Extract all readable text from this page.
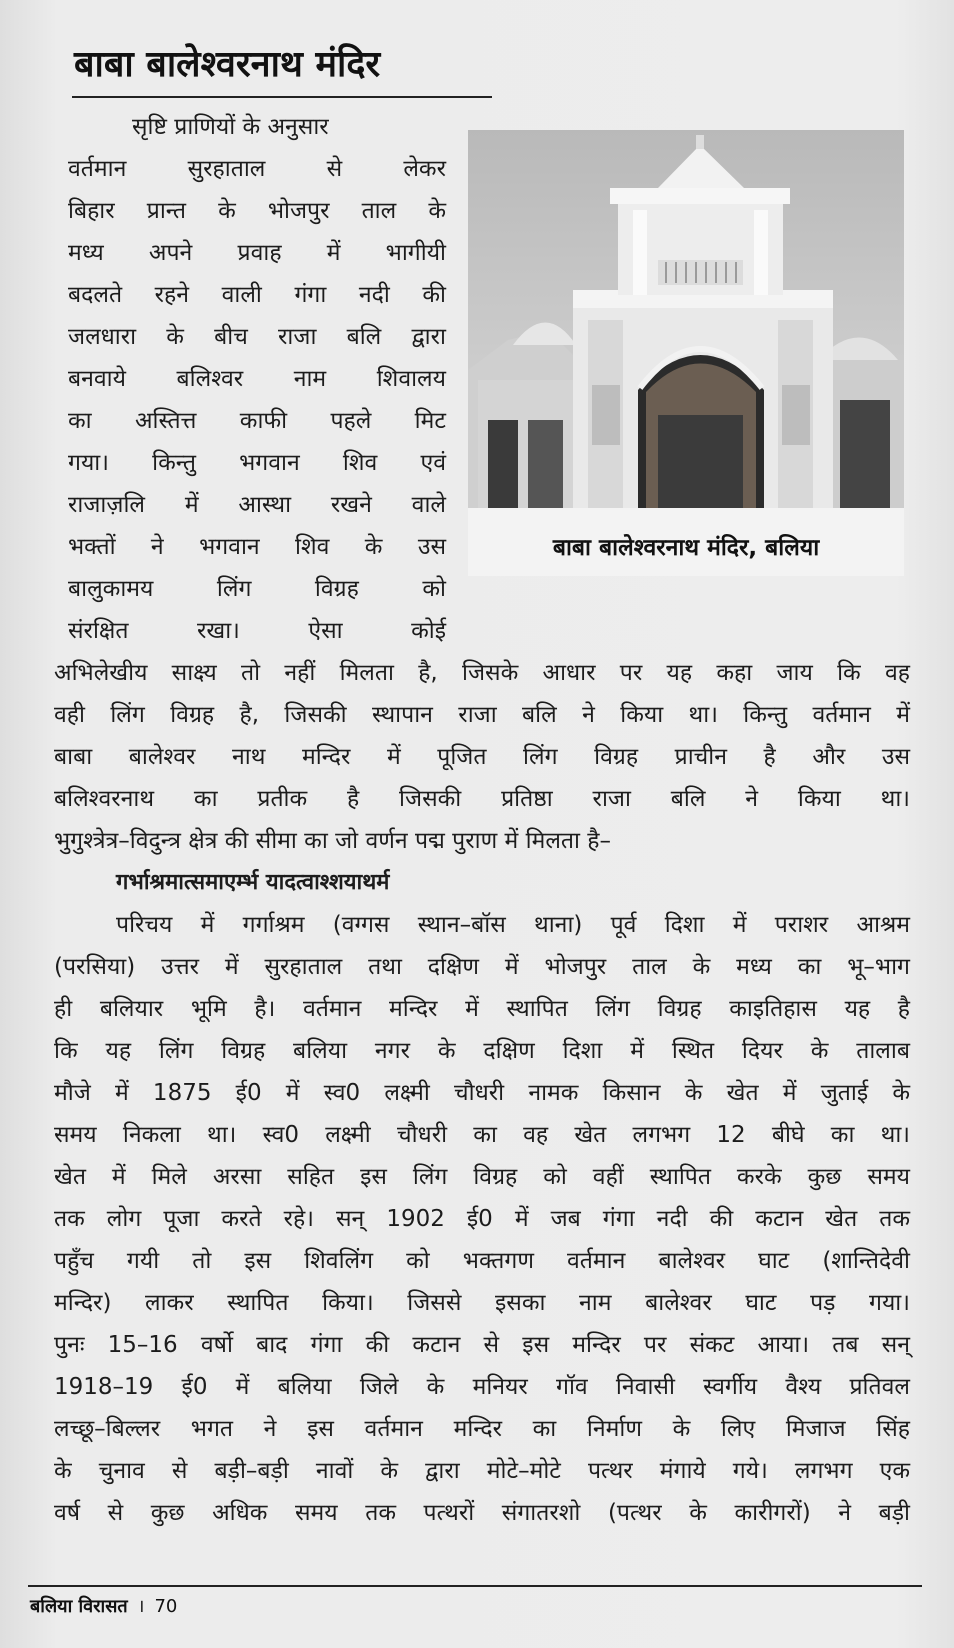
बाबा बालेश्वरनाथ मंदिर
बाबा बालेश्वरनाथ मंदिर, बलिया
सृष्टि प्राणियों के अनुसार
वर्तमान सुरहाताल से लेकर
बिहार प्रान्त के भोजपुर ताल के
मध्य अपने प्रवाह में भागीयी
बदलते रहने वाली गंगा नदी की
जलधारा के बीच राजा बलि द्वारा
बनवाये बलिश्वर नाम शिवालय
का अस्तित्त काफी पहले मिट
गया। किन्तु भगवान शिव एवं
राजाज़लि में आस्था रखने वाले
भक्तों ने भगवान शिव के उस
बालुकामय लिंग विग्रह को
संरक्षित रखा। ऐसा कोई
अभिलेखीय साक्ष्य तो नहीं मिलता है, जिसके आधार पर यह कहा जाय कि वह
वही लिंग विग्रह है, जिसकी स्थापान राजा बलि ने किया था। किन्तु वर्तमान में
बाबा बालेश्वर नाथ मन्दिर में पूजित लिंग विग्रह प्राचीन है और उस
बलिश्वरनाथ का प्रतीक है जिसकी प्रतिष्ठा राजा बलि ने किया था।
भुगुश्त्रेत्र–विदुन्त्र क्षेत्र की सीमा का जो वर्णन पद्म पुराण में मिलता है–
गर्भाश्रमात्समाएर्म्भ यादत्वाश्शयाथर्म
परिचय में गर्गाश्रम (वग्गस स्थान–बॉस थाना) पूर्व दिशा में पराशर आश्रम
(परसिया) उत्तर में सुरहाताल तथा दक्षिण में भोजपुर ताल के मध्य का भू–भाग
ही बलियार भूमि है। वर्तमान मन्दिर में स्थापित लिंग विग्रह काइतिहास यह है
कि यह लिंग विग्रह बलिया नगर के दक्षिण दिशा में स्थित दियर के तालाब
मौजे में 1875 ई0 में स्व0 लक्ष्मी चौधरी नामक किसान के खेत में जुताई के
समय निकला था। स्व0 लक्ष्मी चौधरी का वह खेत लगभग 12 बीघे का था।
खेत में मिले अरसा सहित इस लिंग विग्रह को वहीं स्थापित करके कुछ समय
तक लोग पूजा करते रहे। सन् 1902 ई0 में जब गंगा नदी की कटान खेत तक
पहुँच गयी तो इस शिवलिंग को भक्तगण वर्तमान बालेश्वर घाट (शान्तिदेवी
मन्दिर) लाकर स्थापित किया। जिससे इसका नाम बालेश्वर घाट पड़ गया।
पुनः 15–16 वर्षो बाद गंगा की कटान से इस मन्दिर पर संकट आया। तब सन्
1918–19 ई0 में बलिया जिले के मनियर गॉव निवासी स्वर्गीय वैश्य प्रतिवल
लच्छू–बिल्लर भगत ने इस वर्तमान मन्दिर का निर्माण के लिए मिजाज सिंह
के चुनाव से बड़ी–बड़ी नावों के द्वारा मोटे–मोटे पत्थर मंगाये गये। लगभग एक
वर्ष से कुछ अधिक समय तक पत्थरों संगातरशो (पत्थर के कारीगरों) ने बड़ी
बलिया विरासत । 70
